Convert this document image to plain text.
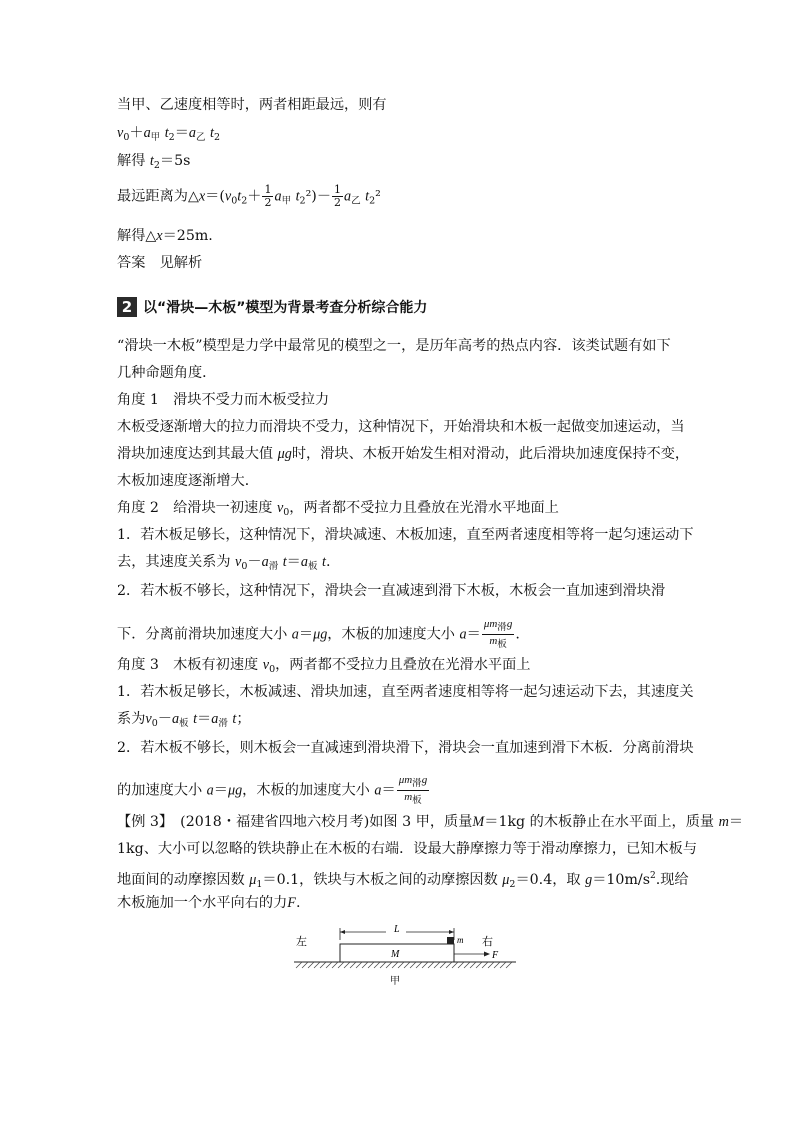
当甲、乙速度相等时，两者相距最远，则有
$v_0+a_甲$ $t_2=a_乙$ $t_2$
解得 $t_2=5s$
最远距离为$\triangle x=(v_0t_2+ \frac{1}{2} a_甲$ $t_2^2)- \frac{1}{2} a_乙$ $t_2^2$
解得△x＝25m.
答案　见解析
2 以“滑块—木板”模型为背景考查分析综合能力
“滑块一木板”模型是力学中最常见的模型之一，是历年高考的热点内容．该类试题有如下
几种命题角度．
角度 1　滑块不受力而木板受拉力
木板受逐渐增大的拉力而滑块不受力，这种情况下，开始滑块和木板一起做变加速运动，当
滑块加速度达到其最大值 μg时，滑块、木板开始发生相对滑动，此后滑块加速度保持不变，
木板加速度逐渐增大．
角度 2　给滑块一初速度 $v_0$，两者都不受拉力且叠放在光滑水平地面上
1．若木板足够长，这种情况下，滑块减速、木板加速，直至两者速度相等将一起匀速运动下
去，其速度关系为 $v_0-a_滑$ $t=a_板$ t.
2．若木板不够长，这种情况下，滑块会一直减速到滑下木板，木板会一直加速到滑块滑
下．分离前滑块加速度大小 a＝μg，木板的加速度大小 $a= \frac{\text{μm滑g}}{\text{m板}}$ .
角度 3　木板有初速度 $v_0$，两者都不受拉力且叠放在光滑水平面上
1．若木板足够长，木板减速、滑块加速，直至两者速度相等将一起匀速运动下去，其速度关
系为$v_0-a_板$ $t=a_滑$ t；
2．若木板不够长，则木板会一直减速到滑块滑下，滑块会一直加速到滑下木板．分离前滑块
的加速度大小 a＝μg，木板的加速度大小 $a= \frac{\text{μm滑g}}{\text{m板}}$
【例 3】　(2018・福建省四地六校月考)如图 3 甲，质量M＝1kg 的木板静止在水平面上，质量 m＝
1kg、大小可以忽略的铁块静止在木板的右端．设最大静摩擦力等于滑动摩擦力，已知木板与
地面间的动摩擦因数 $\mu_1=0.1$，铁块与木板之间的动摩擦因数 $\mu_2=0.4$，取 $g=10m/s^2$.现给
木板施加一个水平向右的力F.
左	右
L
M
m
F
甲
